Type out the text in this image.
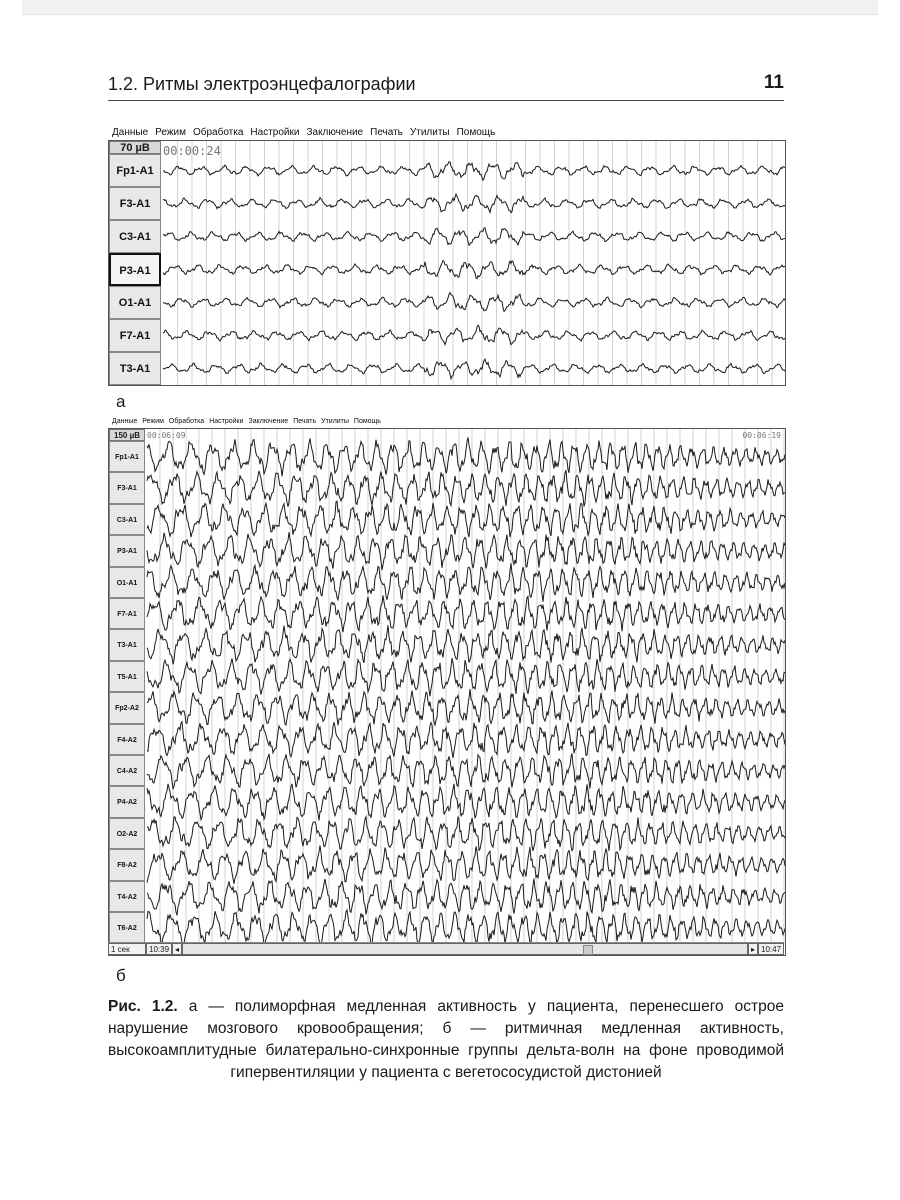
1.2. Ритмы электроэнцефалографии	11
Данные Режим Обработка Настройки Заключение Печать Утилиты Помощь
70 µВ
Fp1-A1
F3-A1
C3-A1
P3-A1
O1-A1
F7-A1
T3-A1
00:00:24
а
Данные Режим Обработка Настройки Заключение Печать Утилиты Помощь
150 µВ
Fp1-A1
F3-A1
C3-A1
P3-A1
O1-A1
F7-A1
T3-A1
T5-A1
Fp2-A2
F4-A2
C4-A2
P4-A2
O2-A2
F8-A2
T4-A2
T6-A2
00:06:09	00:06:19
1 сек	10:39 ◂	▸ 10:47
б
Рис. 1.2. а — полиморфная медленная активность у пациента, перенесшего острое нарушение мозгового кровообращения; б — ритмичная медленная активность, высокоамплитудные билатерально-синхронные группы дельта-волн на фоне проводимой гипервентиляции у пациента с вегетососудистой дистонией
